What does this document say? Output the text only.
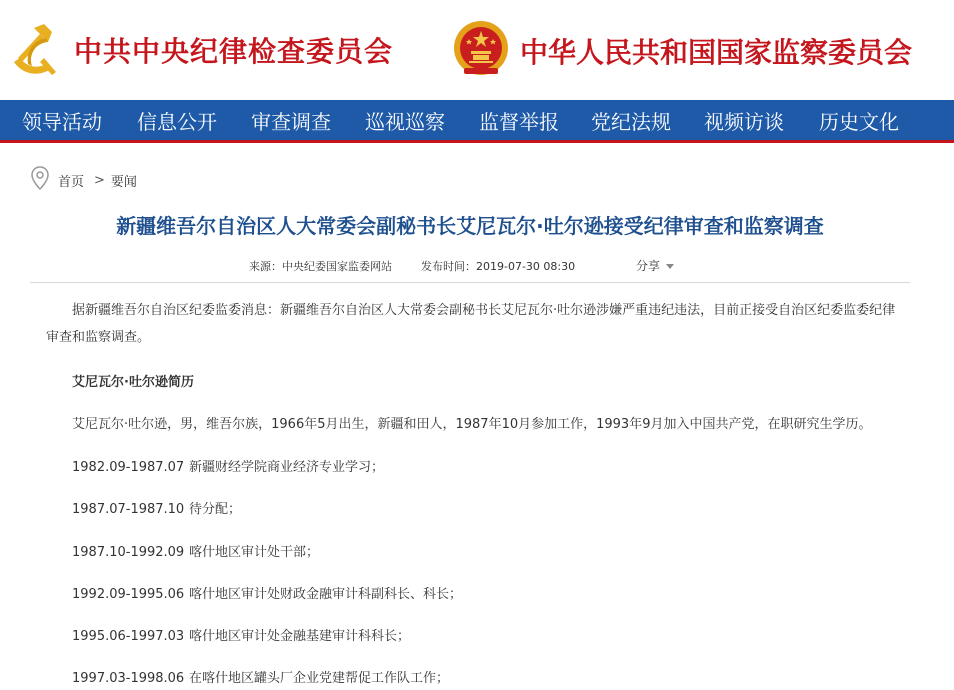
中共中央纪律检查委员会	中华人民共和国国家监察委员会
领导活动 信息公开 审查调查 巡视巡察 监督举报 党纪法规 视频访谈 历史文化
首页 > 要闻
新疆维吾尔自治区人大常委会副秘书长艾尼瓦尔·吐尔逊接受纪律审查和监察调查
来源：中央纪委国家监委网站	发布时间：2019-07-30 08:30	分享
据新疆维吾尔自治区纪委监委消息：新疆维吾尔自治区人大常委会副秘书长艾尼瓦尔·吐尔逊涉嫌严重违纪违法，目前正接受自治区纪委监委纪律审查和监察调查。
艾尼瓦尔·吐尔逊简历
艾尼瓦尔·吐尔逊，男，维吾尔族，1966年5月出生，新疆和田人，1987年10月参加工作，1993年9月加入中国共产党，在职研究生学历。
1982.09-1987.07 新疆财经学院商业经济专业学习；
1987.07-1987.10 待分配；
1987.10-1992.09 喀什地区审计处干部；
1992.09-1995.06 喀什地区审计处财政金融审计科副科长、科长；
1995.06-1997.03 喀什地区审计处金融基建审计科科长；
1997.03-1998.06 在喀什地区罐头厂企业党建帮促工作队工作；
